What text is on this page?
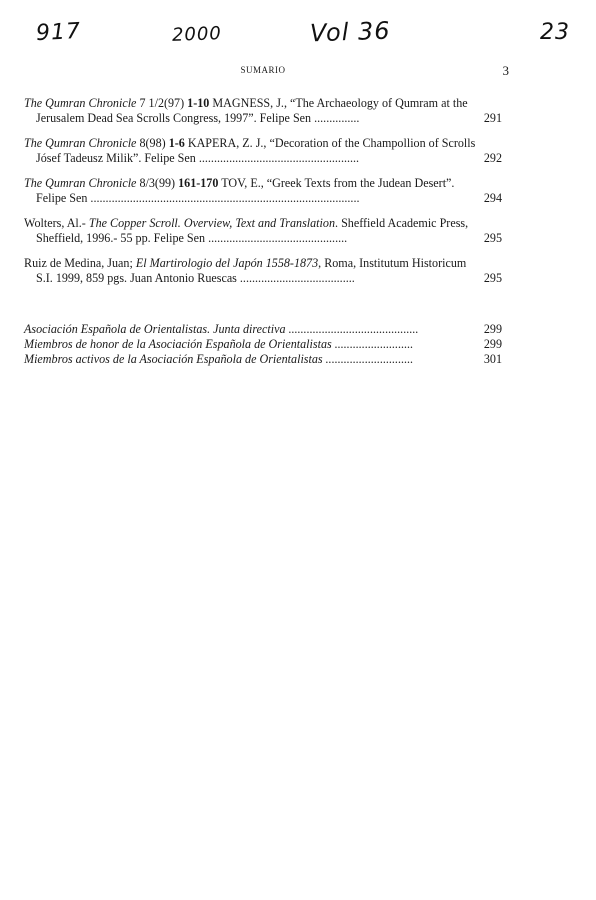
917	2000	Vol 36	23
SUMARIO	3
The Qumran Chronicle 7 1/2(97) 1-10 MAGNESS, J., “The Archaeology of Qumram at the Jerusalem Dead Sea Scrolls Congress, 1997”. Felipe Sen ...............	291
The Qumran Chronicle 8(98) 1-6 KAPERA, Z. J., “Decoration of the Champollion of Scrolls Jósef Tadeusz Milik”. Felipe Sen .....................................................	292
The Qumran Chronicle 8/3(99) 161-170 TOV, E., “Greek Texts from the Judean Desert”. Felipe Sen .........................................................................................	294
Wolters, Al.- The Copper Scroll. Overview, Text and Translation. Sheffield Academic Press, Sheffield, 1996.- 55 pp. Felipe Sen ..............................................	295
Ruiz de Medina, Juan; El Martirologio del Japón 1558-1873, Roma, Institutum Historicum S.I. 1999, 859 pgs. Juan Antonio Ruescas ......................................	295
Asociación Española de Orientalistas. Junta directiva ...........................................	299
Miembros de honor de la Asociación Española de Orientalistas ..........................	299
Miembros activos de la Asociación Española de Orientalistas .............................	301
